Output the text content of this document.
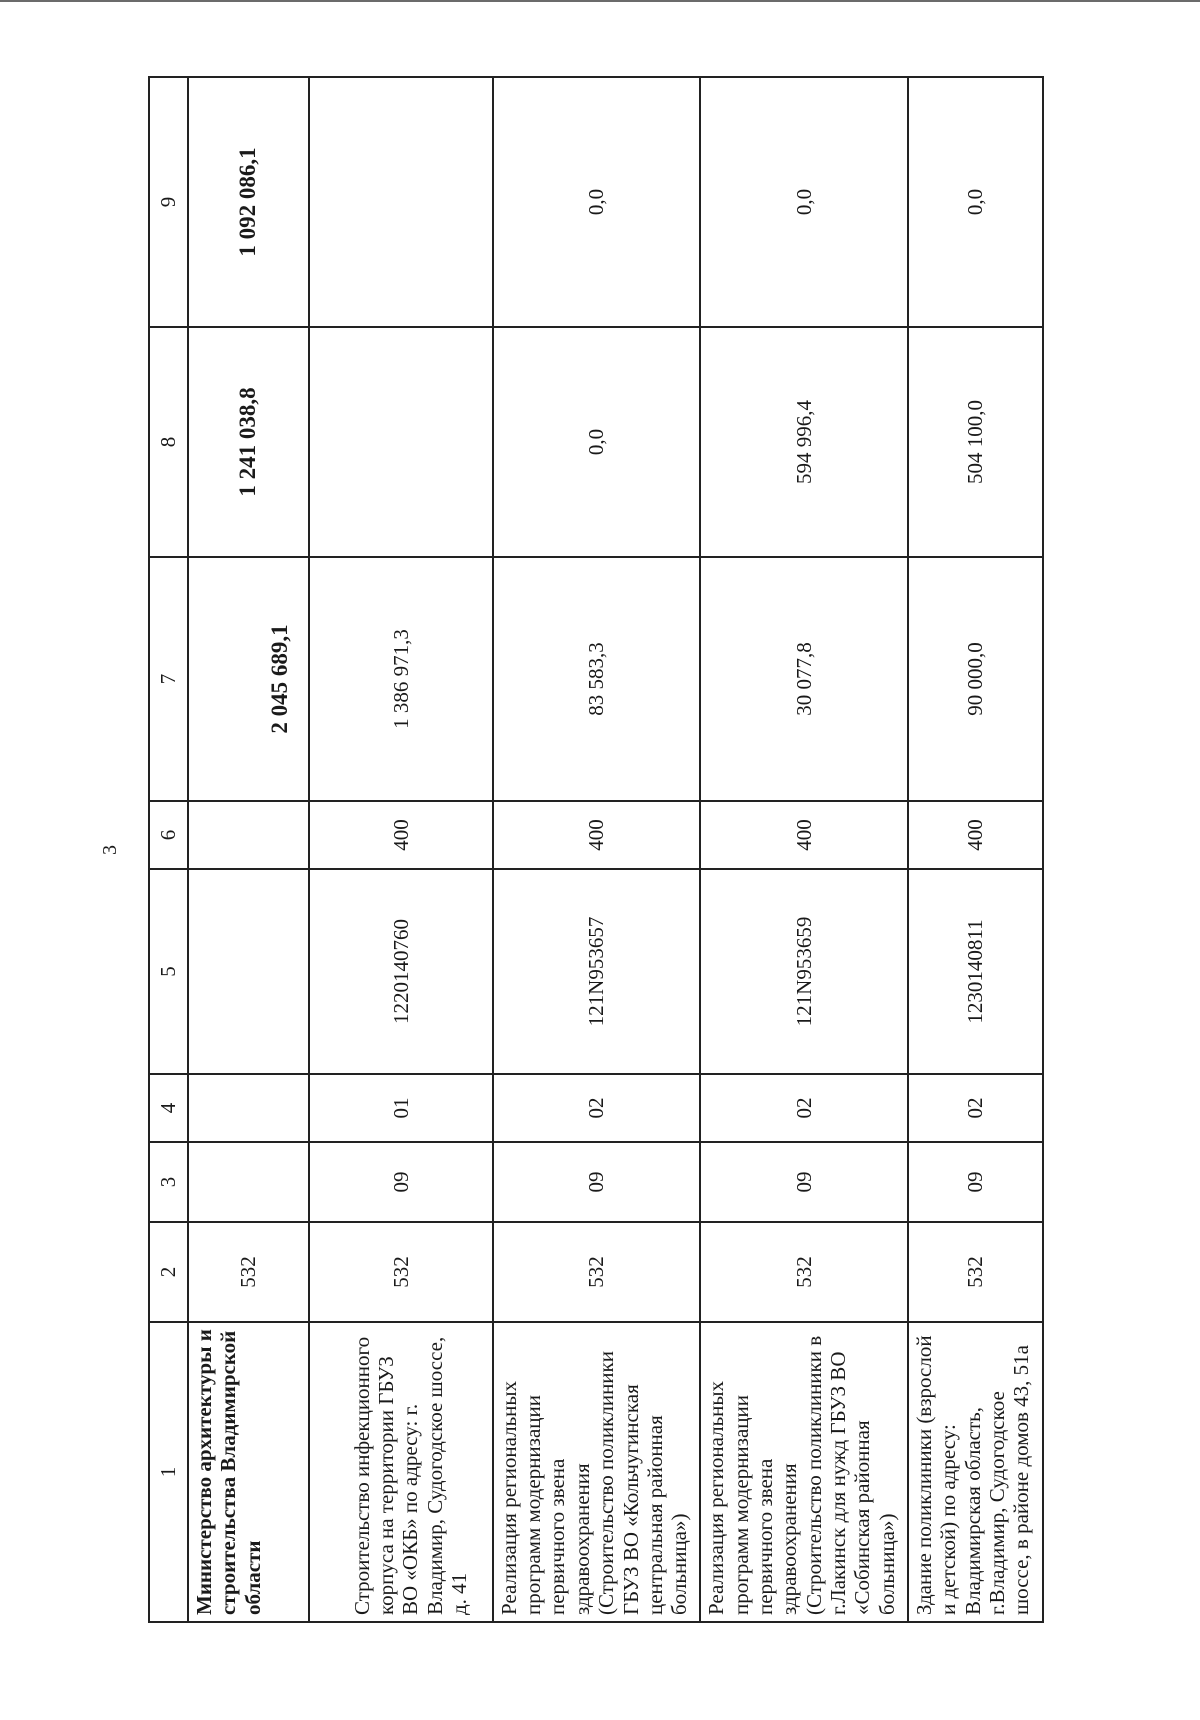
3
1	2	3	4	5	6	7	8	9
Министерство архитектуры и строительства Владимирской области	532					2 045 689,1	1 241 038,8	1 092 086,1
Строительство инфекционного корпуса на территории ГБУЗ ВО «ОКБ» по адресу: г. Владимир, Судогодское шоссе, д. 41	532	09	01	1220140760	400	1 386 971,3		
Реализация региональных программ модернизации первичного звена здравоохранения (Строительство поликлиники ГБУЗ ВО «Кольчугинская центральная районная больница»)	532	09	02	121N953657	400	83 583,3	0,0	0,0
Реализация региональных программ модернизации первичного звена здравоохранения (Строительство поликлиники в г.Лакинск для нужд ГБУЗ ВО «Собинская районная больница»)	532	09	02	121N953659	400	30 077,8	594 996,4	0,0
Здание поликлиники (взрослой и детской) по адресу: Владимирская область, г.Владимир, Судогодское шоссе, в районе домов 43, 51а	532	09	02	1230140811	400	90 000,0	504 100,0	0,0
